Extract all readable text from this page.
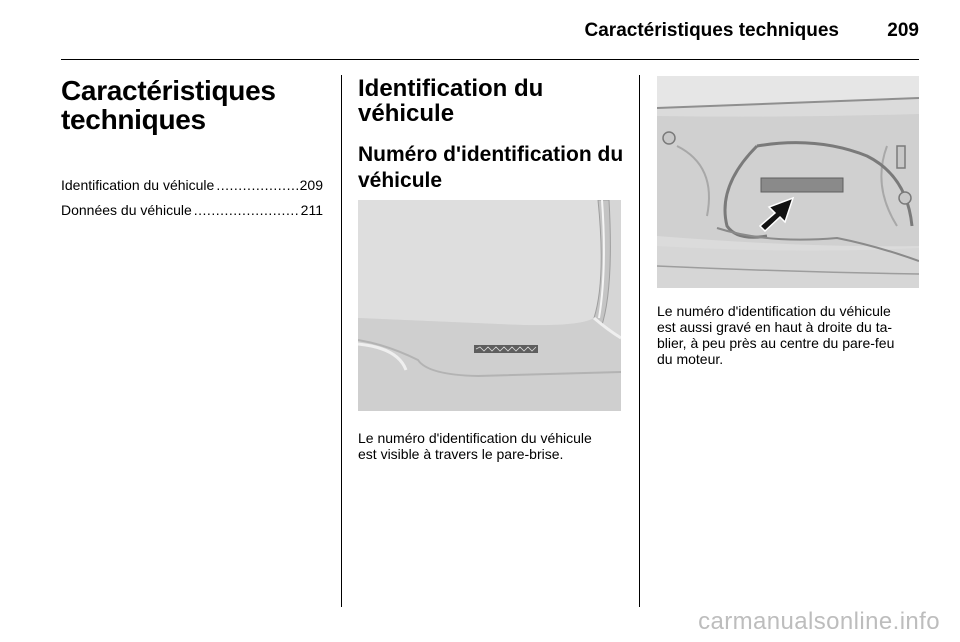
Caractéristiques techniques	209
Caractéristiques
techniques
Identification du véhicule .....	209
Données du véhicule .....	211
Identification du
véhicule
Numéro d'identification du
véhicule
Le numéro d'identification du véhicule
est visible à travers le pare-brise.
Le numéro d'identification du véhicule
est aussi gravé en haut à droite du ta-
blier, à peu près au centre du pare-feu
du moteur.
carmanualsonline.info
